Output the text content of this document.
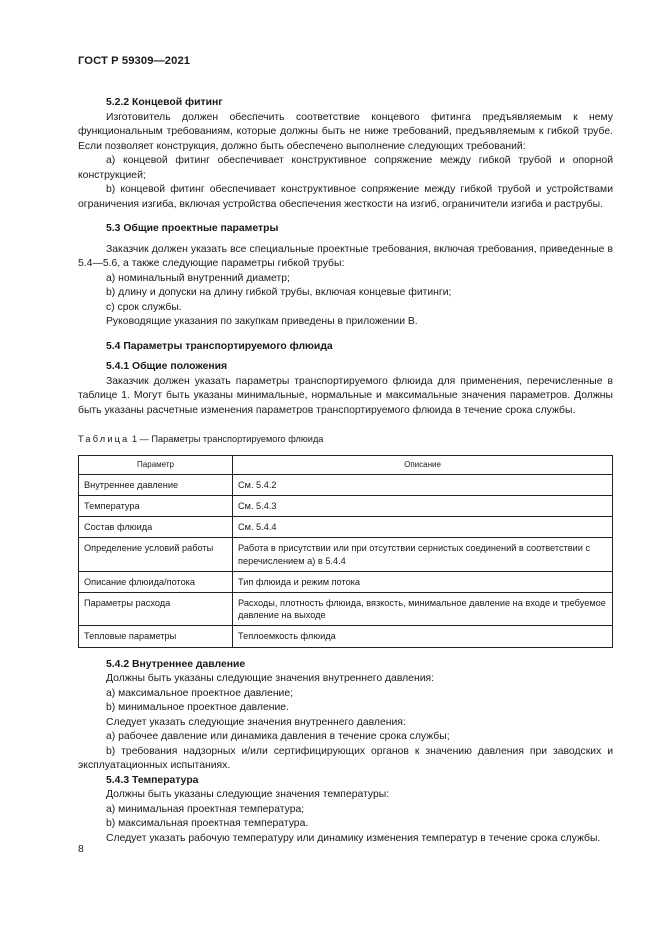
ГОСТ Р 59309—2021
5.2.2 Концевой фитинг
Изготовитель должен обеспечить соответствие концевого фитинга предъявляемым к нему функциональным требованиям, которые должны быть не ниже требований, предъявляемым к гибкой трубе. Если позволяет конструкция, должно быть обеспечено выполнение следующих требований:
a) концевой фитинг обеспечивает конструктивное сопряжение между гибкой трубой и опорной конструкцией;
b) концевой фитинг обеспечивает конструктивное сопряжение между гибкой трубой и устройствами ограничения изгиба, включая устройства обеспечения жесткости на изгиб, ограничители изгиба и раструбы.
5.3 Общие проектные параметры
Заказчик должен указать все специальные проектные требования, включая требования, приведенные в 5.4—5.6, а также следующие параметры гибкой трубы:
a) номинальный внутренний диаметр;
b) длину и допуски на длину гибкой трубы, включая концевые фитинги;
c) срок службы.
Руководящие указания по закупкам приведены в приложении В.
5.4 Параметры транспортируемого флюида
5.4.1 Общие положения
Заказчик должен указать параметры транспортируемого флюида для применения, перечисленные в таблице 1. Могут быть указаны минимальные, нормальные и максимальные значения параметров. Должны быть указаны расчетные изменения параметров транспортируемого флюида в течение срока службы.
Таблица 1 — Параметры транспортируемого флюида
Параметр	Описание
Внутреннее давление	См. 5.4.2
Температура	См. 5.4.3
Состав флюида	См. 5.4.4
Определение условий работы	Работа в присутствии или при отсутствии сернистых соединений в соответствии с перечислением а) в 5.4.4
Описание флюида/потока	Тип флюида и режим потока
Параметры расхода	Расходы, плотность флюида, вязкость, минимальное давление на входе и требуемое давление на выходе
Тепловые параметры	Теплоемкость флюида
5.4.2 Внутреннее давление
Должны быть указаны следующие значения внутреннего давления:
a) максимальное проектное давление;
b) минимальное проектное давление.
Следует указать следующие значения внутреннего давления:
a) рабочее давление или динамика давления в течение срока службы;
b) требования надзорных и/или сертифицирующих органов к значению давления при заводских и эксплуатационных испытаниях.
5.4.3 Температура
Должны быть указаны следующие значения температуры:
a) минимальная проектная температура;
b) максимальная проектная температура.
Следует указать рабочую температуру или динамику изменения температур в течение срока службы.
8
